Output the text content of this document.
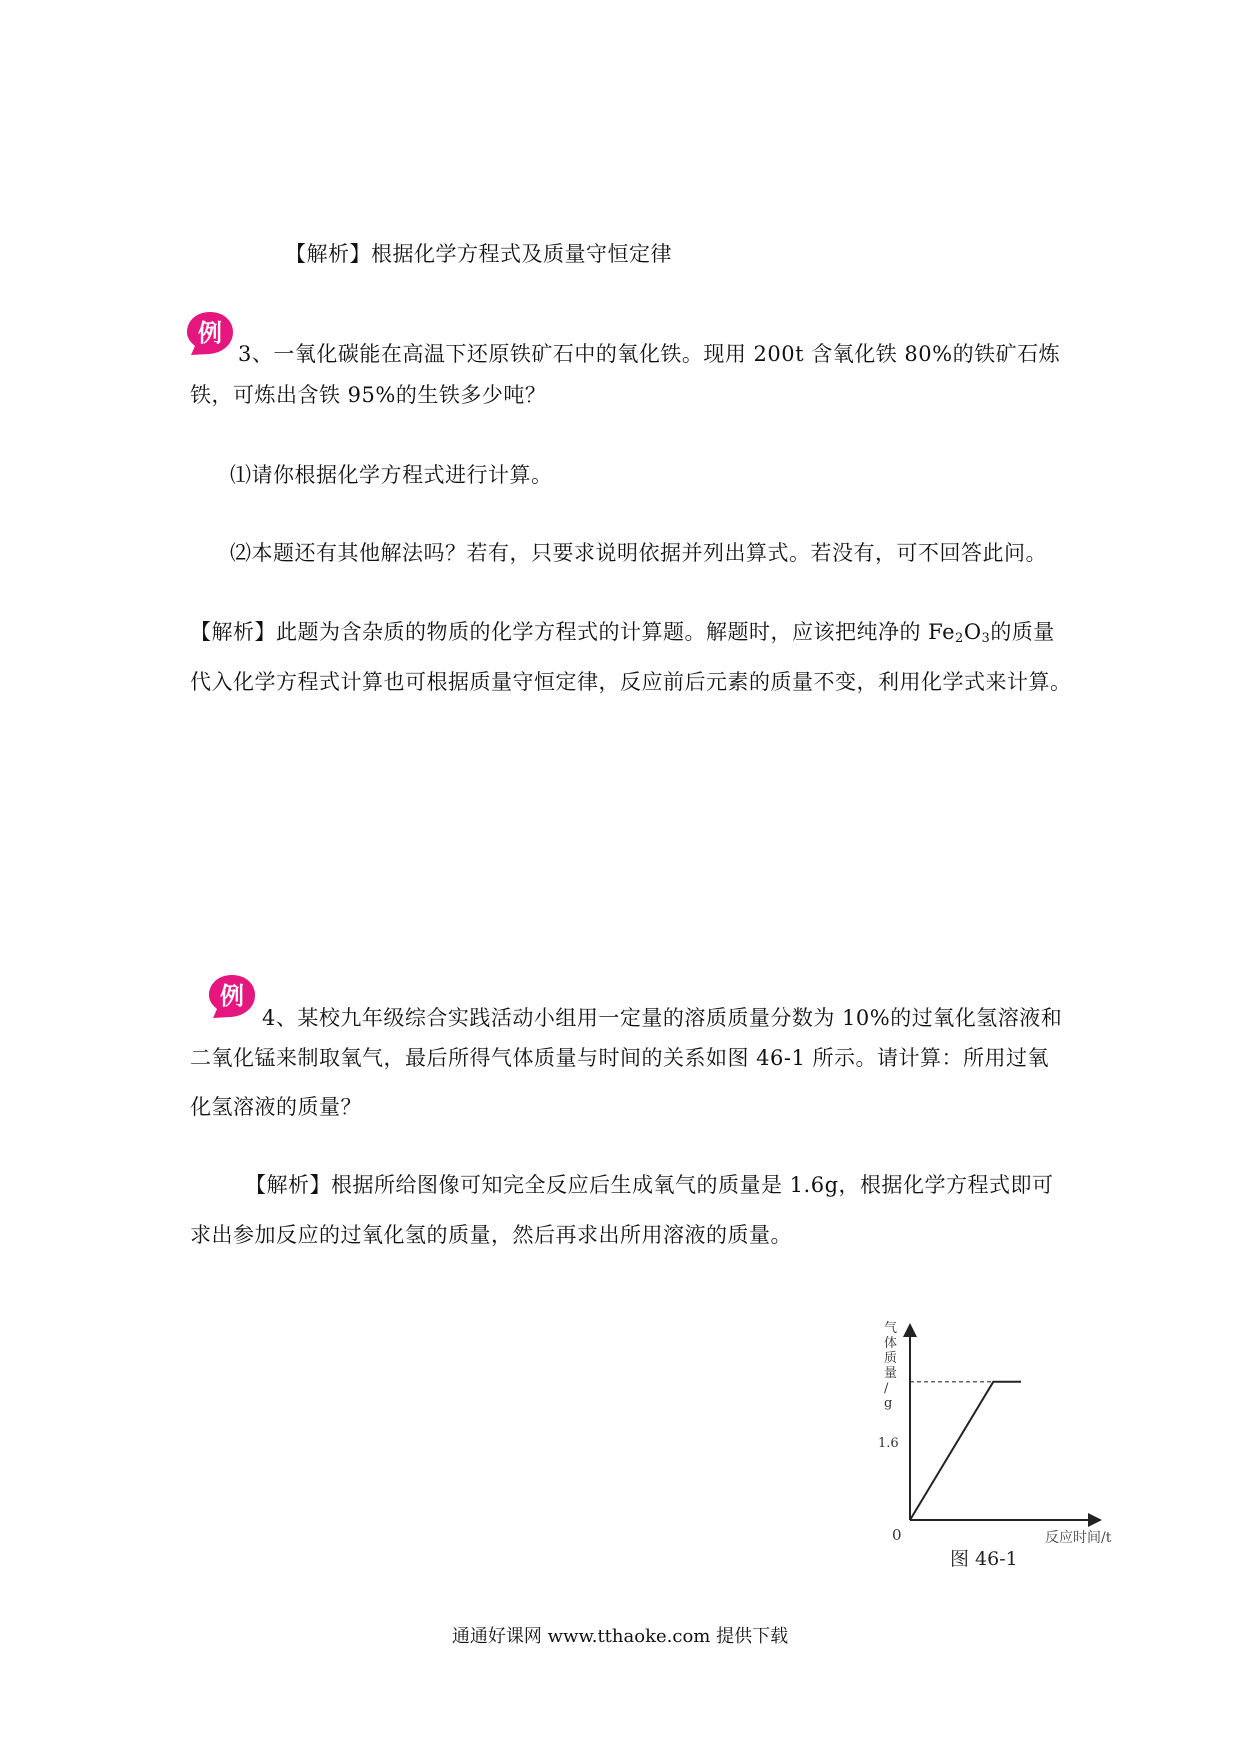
【解析】根据化学方程式及质量守恒定律
例
3、一氧化碳能在高温下还原铁矿石中的氧化铁。现用 200t 含氧化铁 80%的铁矿石炼
铁，可炼出含铁 95%的生铁多少吨？
⑴请你根据化学方程式进行计算。
⑵本题还有其他解法吗？若有，只要求说明依据并列出算式。若没有，可不回答此问。
【解析】此题为含杂质的物质的化学方程式的计算题。解题时，应该把纯净的 $Fe_2O_3$的质量
代入化学方程式计算也可根据质量守恒定律，反应前后元素的质量不变，利用化学式来计算。
例
4、某校九年级综合实践活动小组用一定量的溶质质量分数为 10%的过氧化氢溶液和
二氧化锰来制取氧气，最后所得气体质量与时间的关系如图 46-1 所示。请计算：所用过氧
化氢溶液的质量？
【解析】根据所给图像可知完全反应后生成氧气的质量是 1.6g，根据化学方程式即可
求出参加反应的过氧化氢的质量，然后再求出所用溶液的质量。
气
体
质
量
/
g
1.6
0	反应时间/t
图 46-1
通通好课网 www.tthaoke.com 提供下载
